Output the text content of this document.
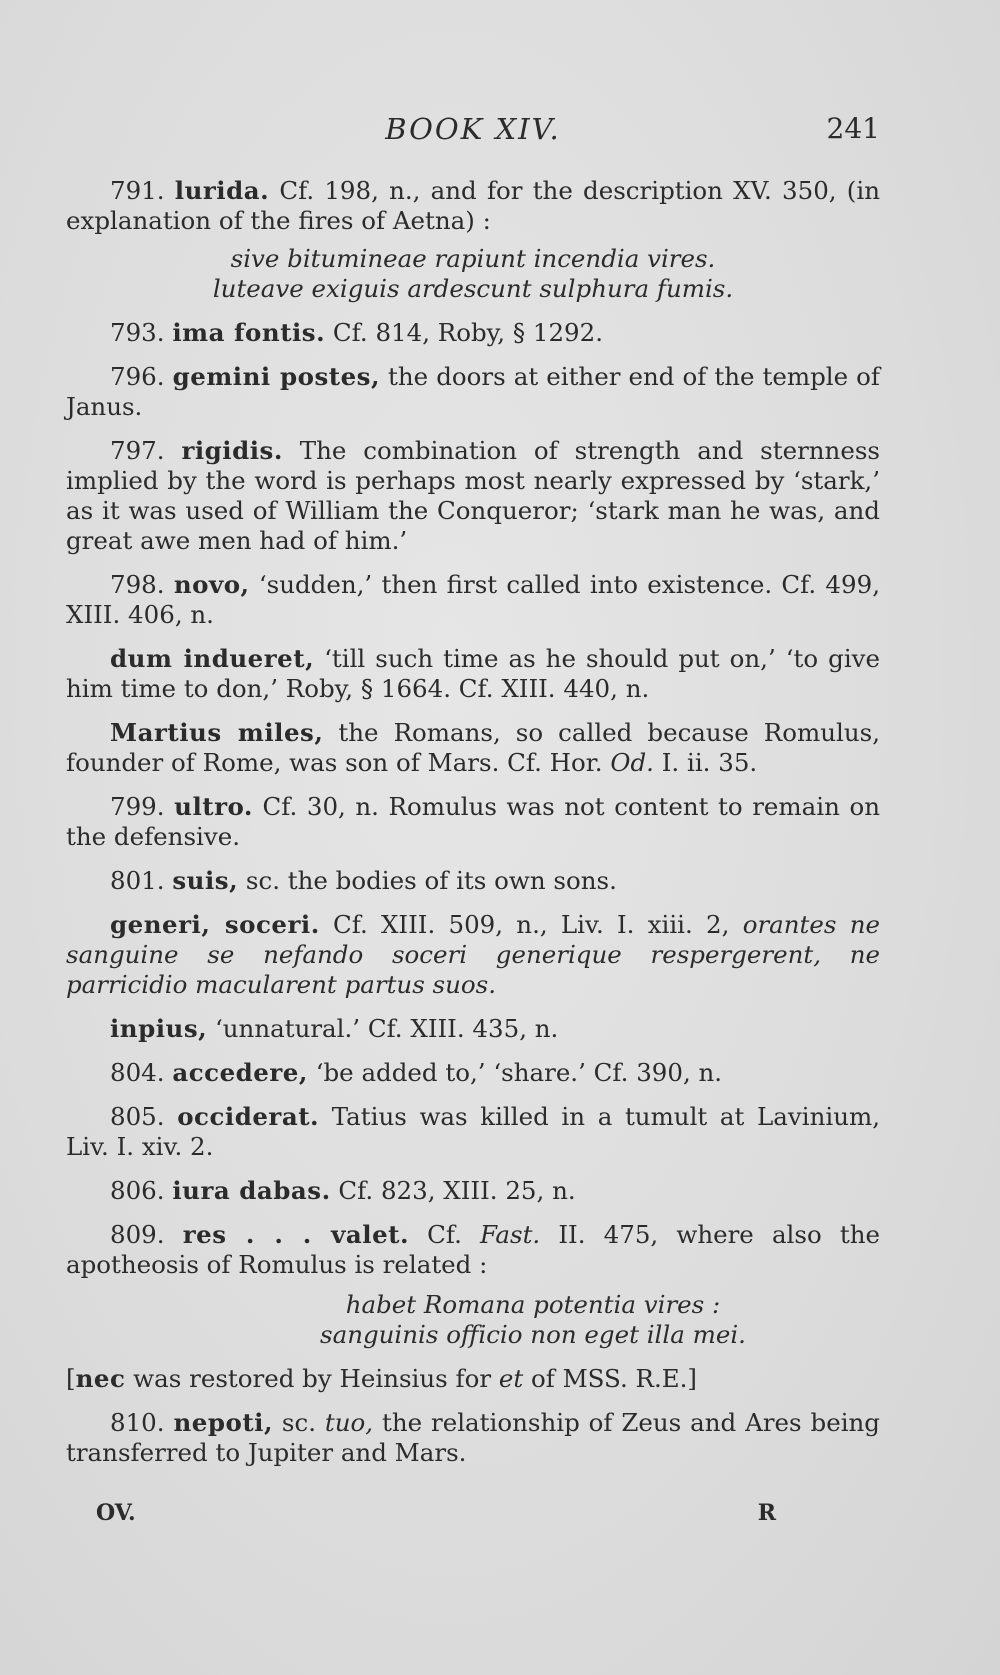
BOOK XIV.	241

791. lurida. Cf. 198, n., and for the description XV. 350, (in explanation of the fires of Aetna) :

sive bitumineae rapiunt incendia vires.
luteave exiguis ardescunt sulphura fumis.

793. ima fontis. Cf. 814, Roby, § 1292.

796. gemini postes, the doors at either end of the temple of Janus.

797. rigidis. The combination of strength and sternness implied by the word is perhaps most nearly expressed by ‘stark,’ as it was used of William the Conqueror; ‘stark man he was, and great awe men had of him.’

798. novo, ‘sudden,’ then first called into existence. Cf. 499, XIII. 406, n.

dum indueret, ‘till such time as he should put on,’ ‘to give him time to don,’ Roby, § 1664. Cf. XIII. 440, n.

Martius miles, the Romans, so called because Romulus, founder of Rome, was son of Mars. Cf. Hor. Od. I. ii. 35.

799. ultro. Cf. 30, n. Romulus was not content to remain on the defensive.

801. suis, sc. the bodies of its own sons.

generi, soceri. Cf. XIII. 509, n., Liv. I. xiii. 2, orantes ne sanguine se nefando soceri generique respergerent, ne parricidio macularent partus suos.

inpius, ‘unnatural.’ Cf. XIII. 435, n.

804. accedere, ‘be added to,’ ‘share.’ Cf. 390, n.

805. occiderat. Tatius was killed in a tumult at Lavinium, Liv. I. xiv. 2.

806. iura dabas. Cf. 823, XIII. 25, n.

809. res . . . valet. Cf. Fast. II. 475, where also the apotheosis of Romulus is related :

habet Romana potentia vires :
sanguinis officio non eget illa mei.

[nec was restored by Heinsius for et of MSS. R.E.]

810. nepoti, sc. tuo, the relationship of Zeus and Ares being transferred to Jupiter and Mars.

OV.	R
